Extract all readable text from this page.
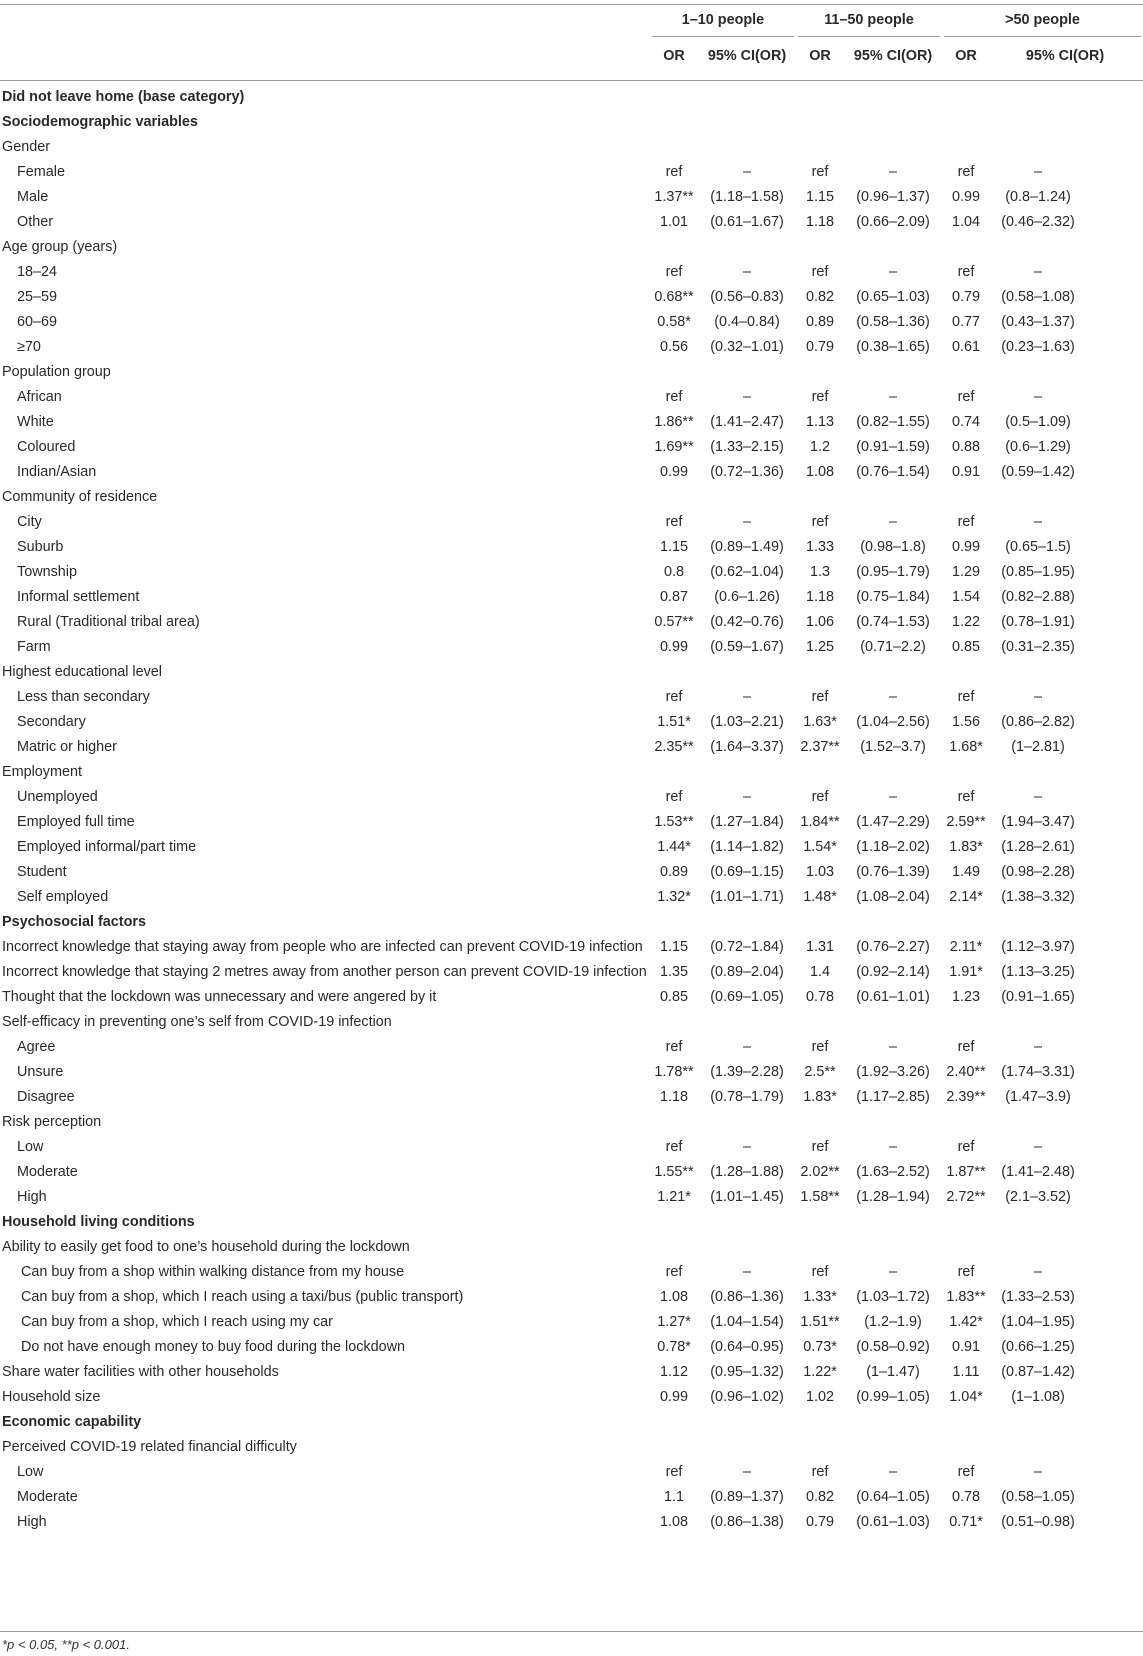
1–10 people	11–50 people	>50 people
OR	95% CI(OR)	OR	95% CI(OR)	OR	95% CI(OR)
Did not leave home (base category)
Sociodemographic variables
Gender
Female	ref	–	ref	–	ref	–
Male	1.37**	(1.18–1.58)	1.15	(0.96–1.37)	0.99	(0.8–1.24)
Other	1.01	(0.61–1.67)	1.18	(0.66–2.09)	1.04	(0.46–2.32)
Age group (years)
18–24	ref	–	ref	–	ref	–
25–59	0.68**	(0.56–0.83)	0.82	(0.65–1.03)	0.79	(0.58–1.08)
60–69	0.58*	(0.4–0.84)	0.89	(0.58–1.36)	0.77	(0.43–1.37)
≥70	0.56	(0.32–1.01)	0.79	(0.38–1.65)	0.61	(0.23–1.63)
Population group
African	ref	–	ref	–	ref	–
White	1.86**	(1.41–2.47)	1.13	(0.82–1.55)	0.74	(0.5–1.09)
Coloured	1.69**	(1.33–2.15)	1.2	(0.91–1.59)	0.88	(0.6–1.29)
Indian/Asian	0.99	(0.72–1.36)	1.08	(0.76–1.54)	0.91	(0.59–1.42)
Community of residence
City	ref	–	ref	–	ref	–
Suburb	1.15	(0.89–1.49)	1.33	(0.98–1.8)	0.99	(0.65–1.5)
Township	0.8	(0.62–1.04)	1.3	(0.95–1.79)	1.29	(0.85–1.95)
Informal settlement	0.87	(0.6–1.26)	1.18	(0.75–1.84)	1.54	(0.82–2.88)
Rural (Traditional tribal area)	0.57**	(0.42–0.76)	1.06	(0.74–1.53)	1.22	(0.78–1.91)
Farm	0.99	(0.59–1.67)	1.25	(0.71–2.2)	0.85	(0.31–2.35)
Highest educational level
Less than secondary	ref	–	ref	–	ref	–
Secondary	1.51*	(1.03–2.21)	1.63*	(1.04–2.56)	1.56	(0.86–2.82)
Matric or higher	2.35**	(1.64–3.37)	2.37**	(1.52–3.7)	1.68*	(1–2.81)
Employment
Unemployed	ref	–	ref	–	ref	–
Employed full time	1.53**	(1.27–1.84)	1.84**	(1.47–2.29)	2.59**	(1.94–3.47)
Employed informal/part time	1.44*	(1.14–1.82)	1.54*	(1.18–2.02)	1.83*	(1.28–2.61)
Student	0.89	(0.69–1.15)	1.03	(0.76–1.39)	1.49	(0.98–2.28)
Self employed	1.32*	(1.01–1.71)	1.48*	(1.08–2.04)	2.14*	(1.38–3.32)
Psychosocial factors
Incorrect knowledge that staying away from people who are infected can prevent COVID-19 infection	1.15	(0.72–1.84)	1.31	(0.76–2.27)	2.11*	(1.12–3.97)
Incorrect knowledge that staying 2 metres away from another person can prevent COVID-19 infection 1.35	(0.89–2.04)	1.4	(0.92–2.14)	1.91*	(1.13–3.25)
Thought that the lockdown was unnecessary and were angered by it	0.85	(0.69–1.05)	0.78	(0.61–1.01)	1.23	(0.91–1.65)
Self-efficacy in preventing one’s self from COVID-19 infection
Agree	ref	–	ref	–	ref	–
Unsure	1.78**	(1.39–2.28)	2.5**	(1.92–3.26)	2.40**	(1.74–3.31)
Disagree	1.18	(0.78–1.79)	1.83*	(1.17–2.85)	2.39**	(1.47–3.9)
Risk perception
Low	ref	–	ref	–	ref	–
Moderate	1.55**	(1.28–1.88)	2.02**	(1.63–2.52)	1.87**	(1.41–2.48)
High	1.21*	(1.01–1.45)	1.58**	(1.28–1.94)	2.72**	(2.1–3.52)
Household living conditions
Ability to easily get food to one’s household during the lockdown
Can buy from a shop within walking distance from my house	ref	–	ref	–	ref	–
Can buy from a shop, which I reach using a taxi/bus (public transport)	1.08	(0.86–1.36)	1.33*	(1.03–1.72)	1.83**	(1.33–2.53)
Can buy from a shop, which I reach using my car	1.27*	(1.04–1.54)	1.51**	(1.2–1.9)	1.42*	(1.04–1.95)
Do not have enough money to buy food during the lockdown	0.78*	(0.64–0.95)	0.73*	(0.58–0.92)	0.91	(0.66–1.25)
Share water facilities with other households	1.12	(0.95–1.32)	1.22*	(1–1.47)	1.11	(0.87–1.42)
Household size	0.99	(0.96–1.02)	1.02	(0.99–1.05)	1.04*	(1–1.08)
Economic capability
Perceived COVID-19 related financial difficulty
Low	ref	–	ref	–	ref	–
Moderate	1.1	(0.89–1.37)	0.82	(0.64–1.05)	0.78	(0.58–1.05)
High	1.08	(0.86–1.38)	0.79	(0.61–1.03)	0.71*	(0.51–0.98)
*p < 0.05, **p < 0.001.
